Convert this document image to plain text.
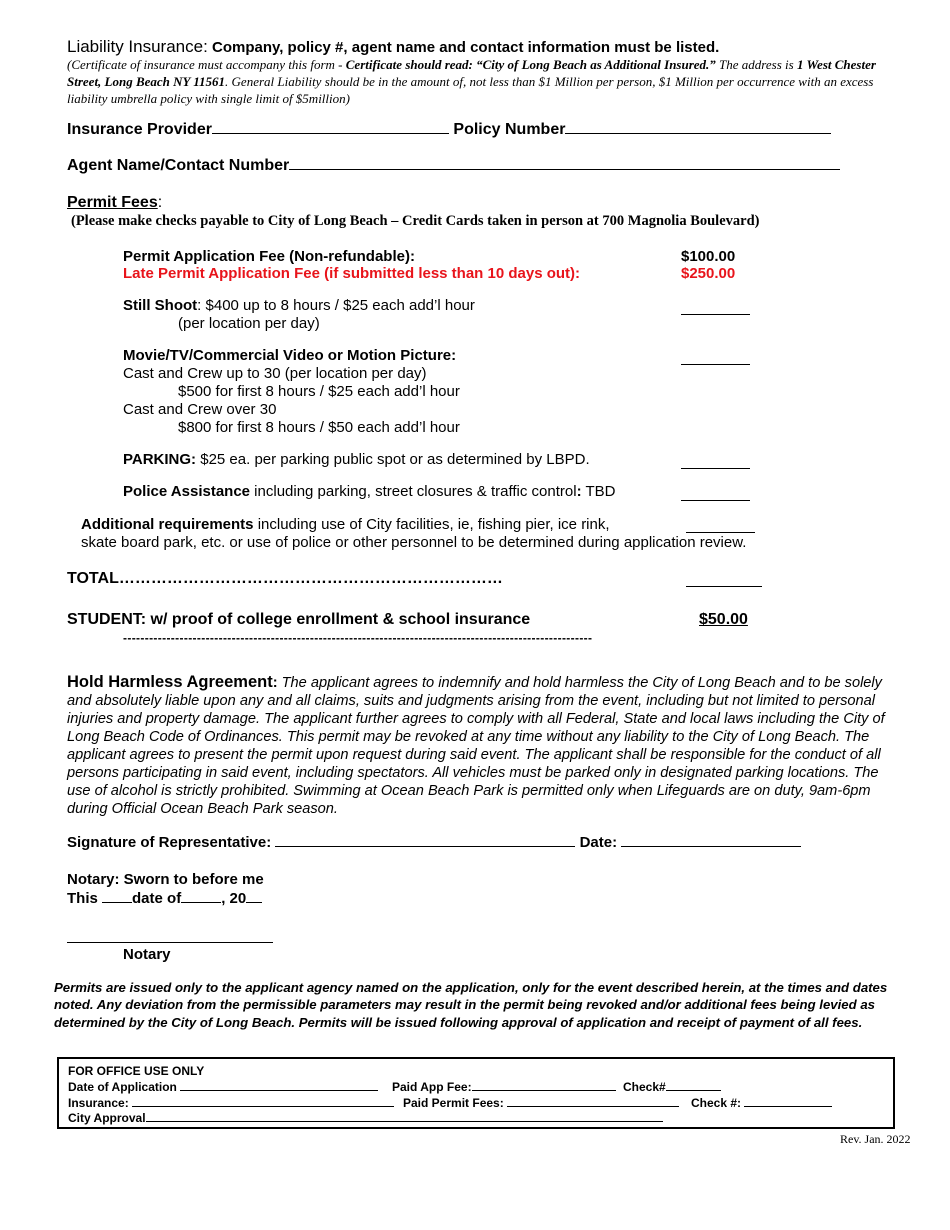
Liability Insurance: Company, policy #, agent name and contact information must be listed.
(Certificate of insurance must accompany this form - Certificate should read: “City of Long Beach as Additional Insured.” The address is 1 West Chester Street, Long Beach NY 11561. General Liability should be in the amount of, not less than $1 Million per person, $1 Million per occurrence with an excess liability umbrella policy with single limit of $5million)
Insurance Provider	Policy Number
Agent Name/Contact Number
Permit Fees:
(Please make checks payable to City of Long Beach – Credit Cards taken in person at 700 Magnolia Boulevard)
Permit Application Fee (Non-refundable):	$100.00
Late Permit Application Fee (if submitted less than 10 days out):	$250.00
Still Shoot: $400 up to 8 hours / $25 each add’l hour
(per location per day)
Movie/TV/Commercial Video or Motion Picture:
Cast and Crew up to 30 (per location per day)
$500 for first 8 hours / $25 each add’l hour
Cast and Crew over 30
$800 for first 8 hours / $50 each add’l hour
PARKING: $25 ea. per parking public spot or as determined by LBPD.
Police Assistance including parking, street closures & traffic control: TBD
Additional requirements including use of City facilities, ie, fishing pier, ice rink,
skate board park, etc. or use of police or other personnel to be determined during application review.
TOTAL………………………………………………………………
STUDENT: w/ proof of college enrollment & school insurance	$50.00
------------------------------------------------------------------------------------------------------------
Hold Harmless Agreement: The applicant agrees to indemnify and hold harmless the City of Long Beach and to be solely and absolutely liable upon any and all claims, suits and judgments arising from the event, including but not limited to personal injuries and property damage. The applicant further agrees to comply with all Federal, State and local laws including the City of Long Beach Code of Ordinances. This permit may be revoked at any time without any liability to the City of Long Beach. The applicant agrees to present the permit upon request during said event. The applicant shall be responsible for the conduct of all persons participating in said event, including spectators. All vehicles must be parked only in designated parking locations. The use of alcohol is strictly prohibited. Swimming at Ocean Beach Park is permitted only when Lifeguards are on duty, 9am-6pm during Official Ocean Beach Park season.
Signature of Representative:	Date:
Notary: Sworn to before me
This date of	, 20
Notary
Permits are issued only to the applicant agency named on the application, only for the event described herein, at the times and dates noted. Any deviation from the permissible parameters may result in the permit being revoked and/or additional fees being levied as determined by the City of Long Beach. Permits will be issued following approval of application and receipt of payment of all fees.
FOR OFFICE USE ONLY
Date of Application	Paid App Fee:	Check#
Insurance:	Paid Permit Fees:	Check #:
City Approval
Rev. Jan. 2022
